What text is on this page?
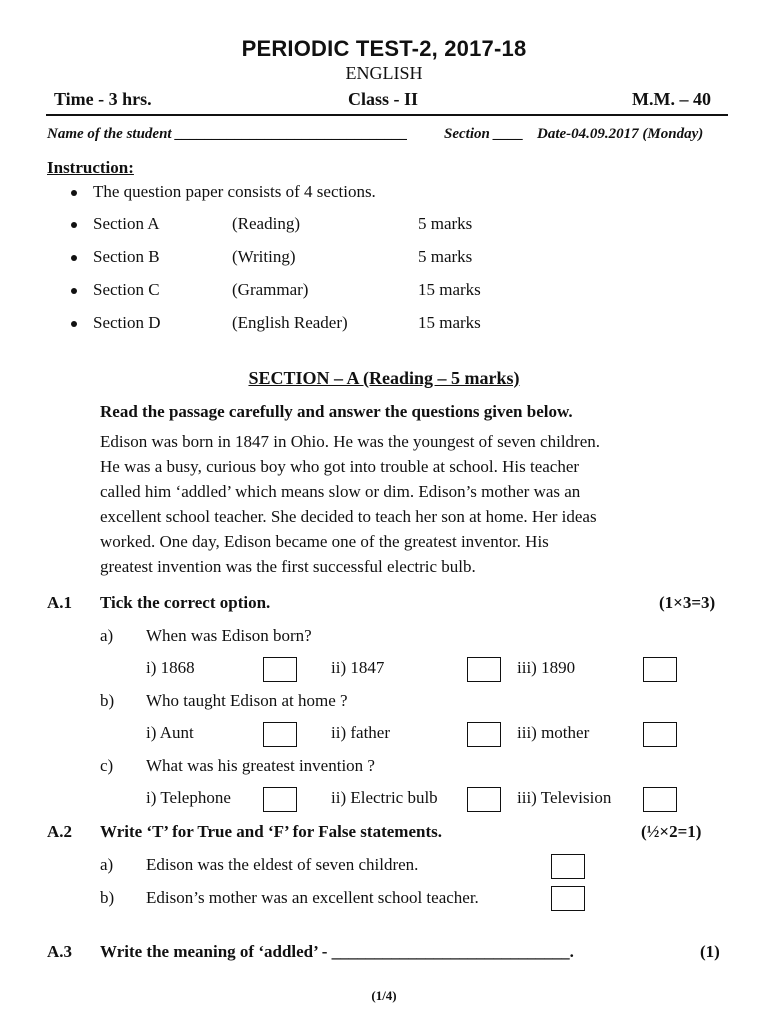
PERIODIC TEST-2, 2017-18
ENGLISH
Time - 3 hrs.	Class - II	M.M. – 40
Name of the student _______________________________ Section ____ Date-04.09.2017 (Monday)
Instruction:
The question paper consists of 4 sections.
Section A	(Reading)	5 marks
Section B	(Writing)	5 marks
Section C	(Grammar)	15 marks
Section D	(English Reader)	15 marks
SECTION – A (Reading – 5 marks)
Read the passage carefully and answer the questions given below.
Edison was born in 1847 in Ohio. He was the youngest of seven children.
He was a busy, curious boy who got into trouble at school. His teacher
called him ‘addled’ which means slow or dim. Edison’s mother was an
excellent school teacher. She decided to teach her son at home. Her ideas
worked. One day, Edison became one of the greatest inventor. His
greatest invention was the first successful electric bulb.
A.1 Tick the correct option.	(1×3=3)
a) When was Edison born?
i) 1868	ii) 1847	iii) 1890
b) Who taught Edison at home ?
i) Aunt	ii) father	iii) mother
c) What was his greatest invention ?
i) Telephone	ii) Electric bulb	iii) Television
A.2 Write ‘T’ for True and ‘F’ for False statements.	(½×2=1)
a) Edison was the eldest of seven children.
b) Edison’s mother was an excellent school teacher.
A.3 Write the meaning of ‘addled’ - ____________________________.	(1)
(1/4)
